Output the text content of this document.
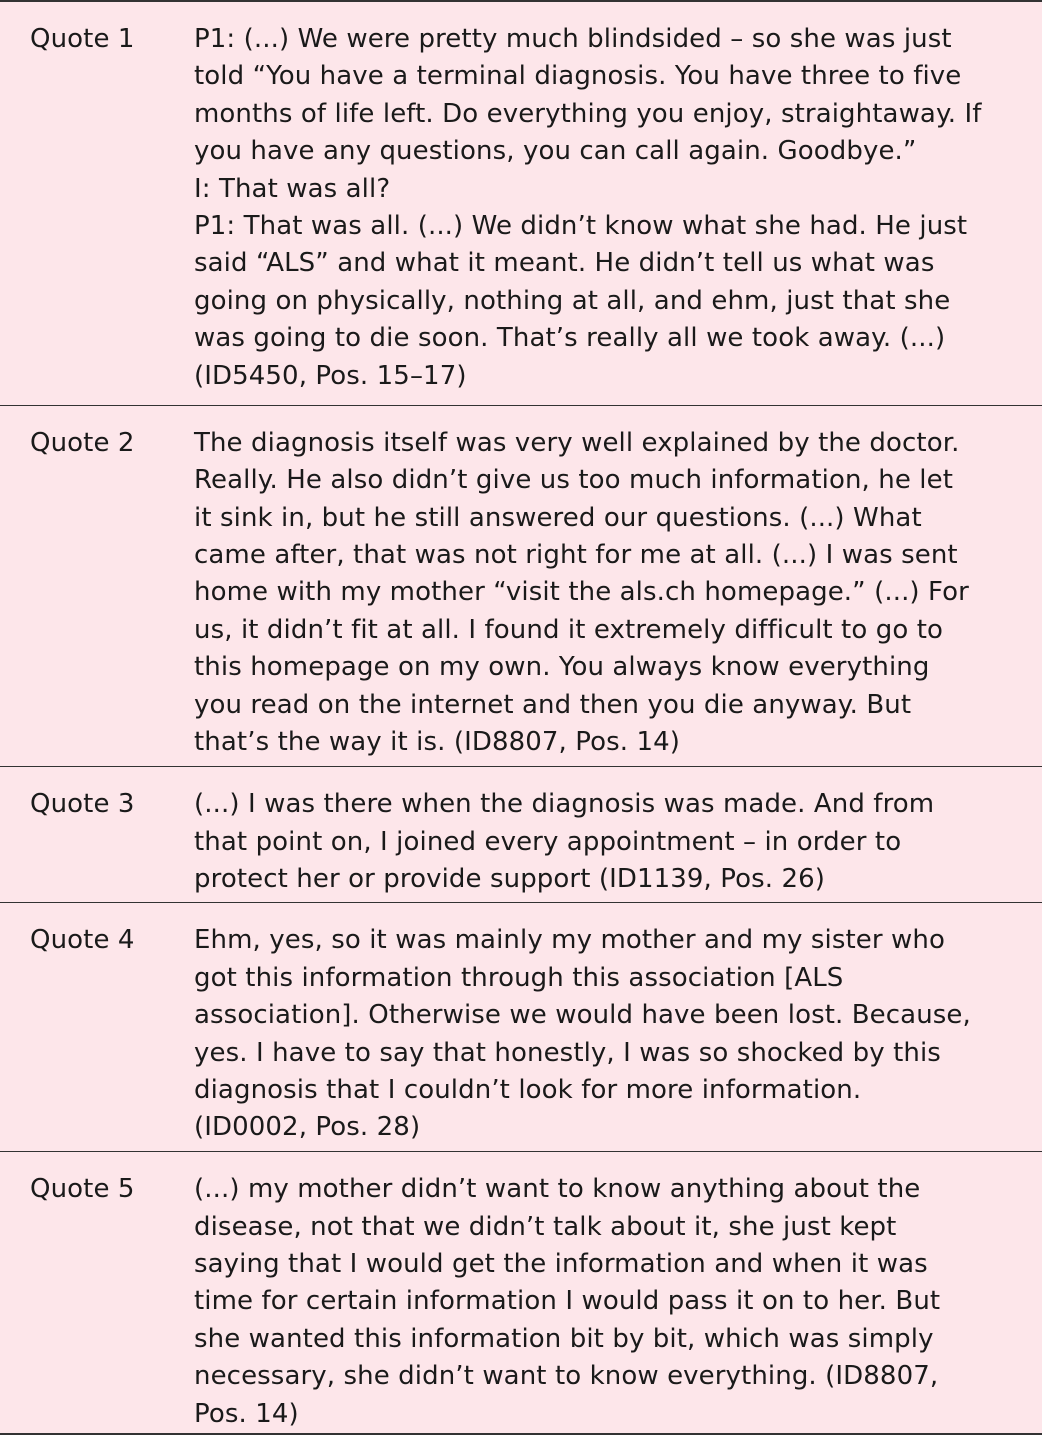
Quote 1	P1: (...) We were pretty much blindsided – so she was just
told “You have a terminal diagnosis. You have three to five
months of life left. Do everything you enjoy, straightaway. If
you have any questions, you can call again. Goodbye.”
I: That was all?
P1: That was all. (...) We didn’t know what she had. He just
said “ALS” and what it meant. He didn’t tell us what was
going on physically, nothing at all, and ehm, just that she
was going to die soon. That’s really all we took away. (...)
(ID5450, Pos. 15–17)
Quote 2	The diagnosis itself was very well explained by the doctor.
Really. He also didn’t give us too much information, he let
it sink in, but he still answered our questions. (...) What
came after, that was not right for me at all. (...) I was sent
home with my mother “visit the als.ch homepage.” (...) For
us, it didn’t fit at all. I found it extremely difficult to go to
this homepage on my own. You always know everything
you read on the internet and then you die anyway. But
that’s the way it is. (ID8807, Pos. 14)
Quote 3	(...) I was there when the diagnosis was made. And from
that point on, I joined every appointment – in order to
protect her or provide support (ID1139, Pos. 26)
Quote 4	Ehm, yes, so it was mainly my mother and my sister who
got this information through this association [ALS
association]. Otherwise we would have been lost. Because,
yes. I have to say that honestly, I was so shocked by this
diagnosis that I couldn’t look for more information.
(ID0002, Pos. 28)
Quote 5	(...) my mother didn’t want to know anything about the
disease, not that we didn’t talk about it, she just kept
saying that I would get the information and when it was
time for certain information I would pass it on to her. But
she wanted this information bit by bit, which was simply
necessary, she didn’t want to know everything. (ID8807,
Pos. 14)
